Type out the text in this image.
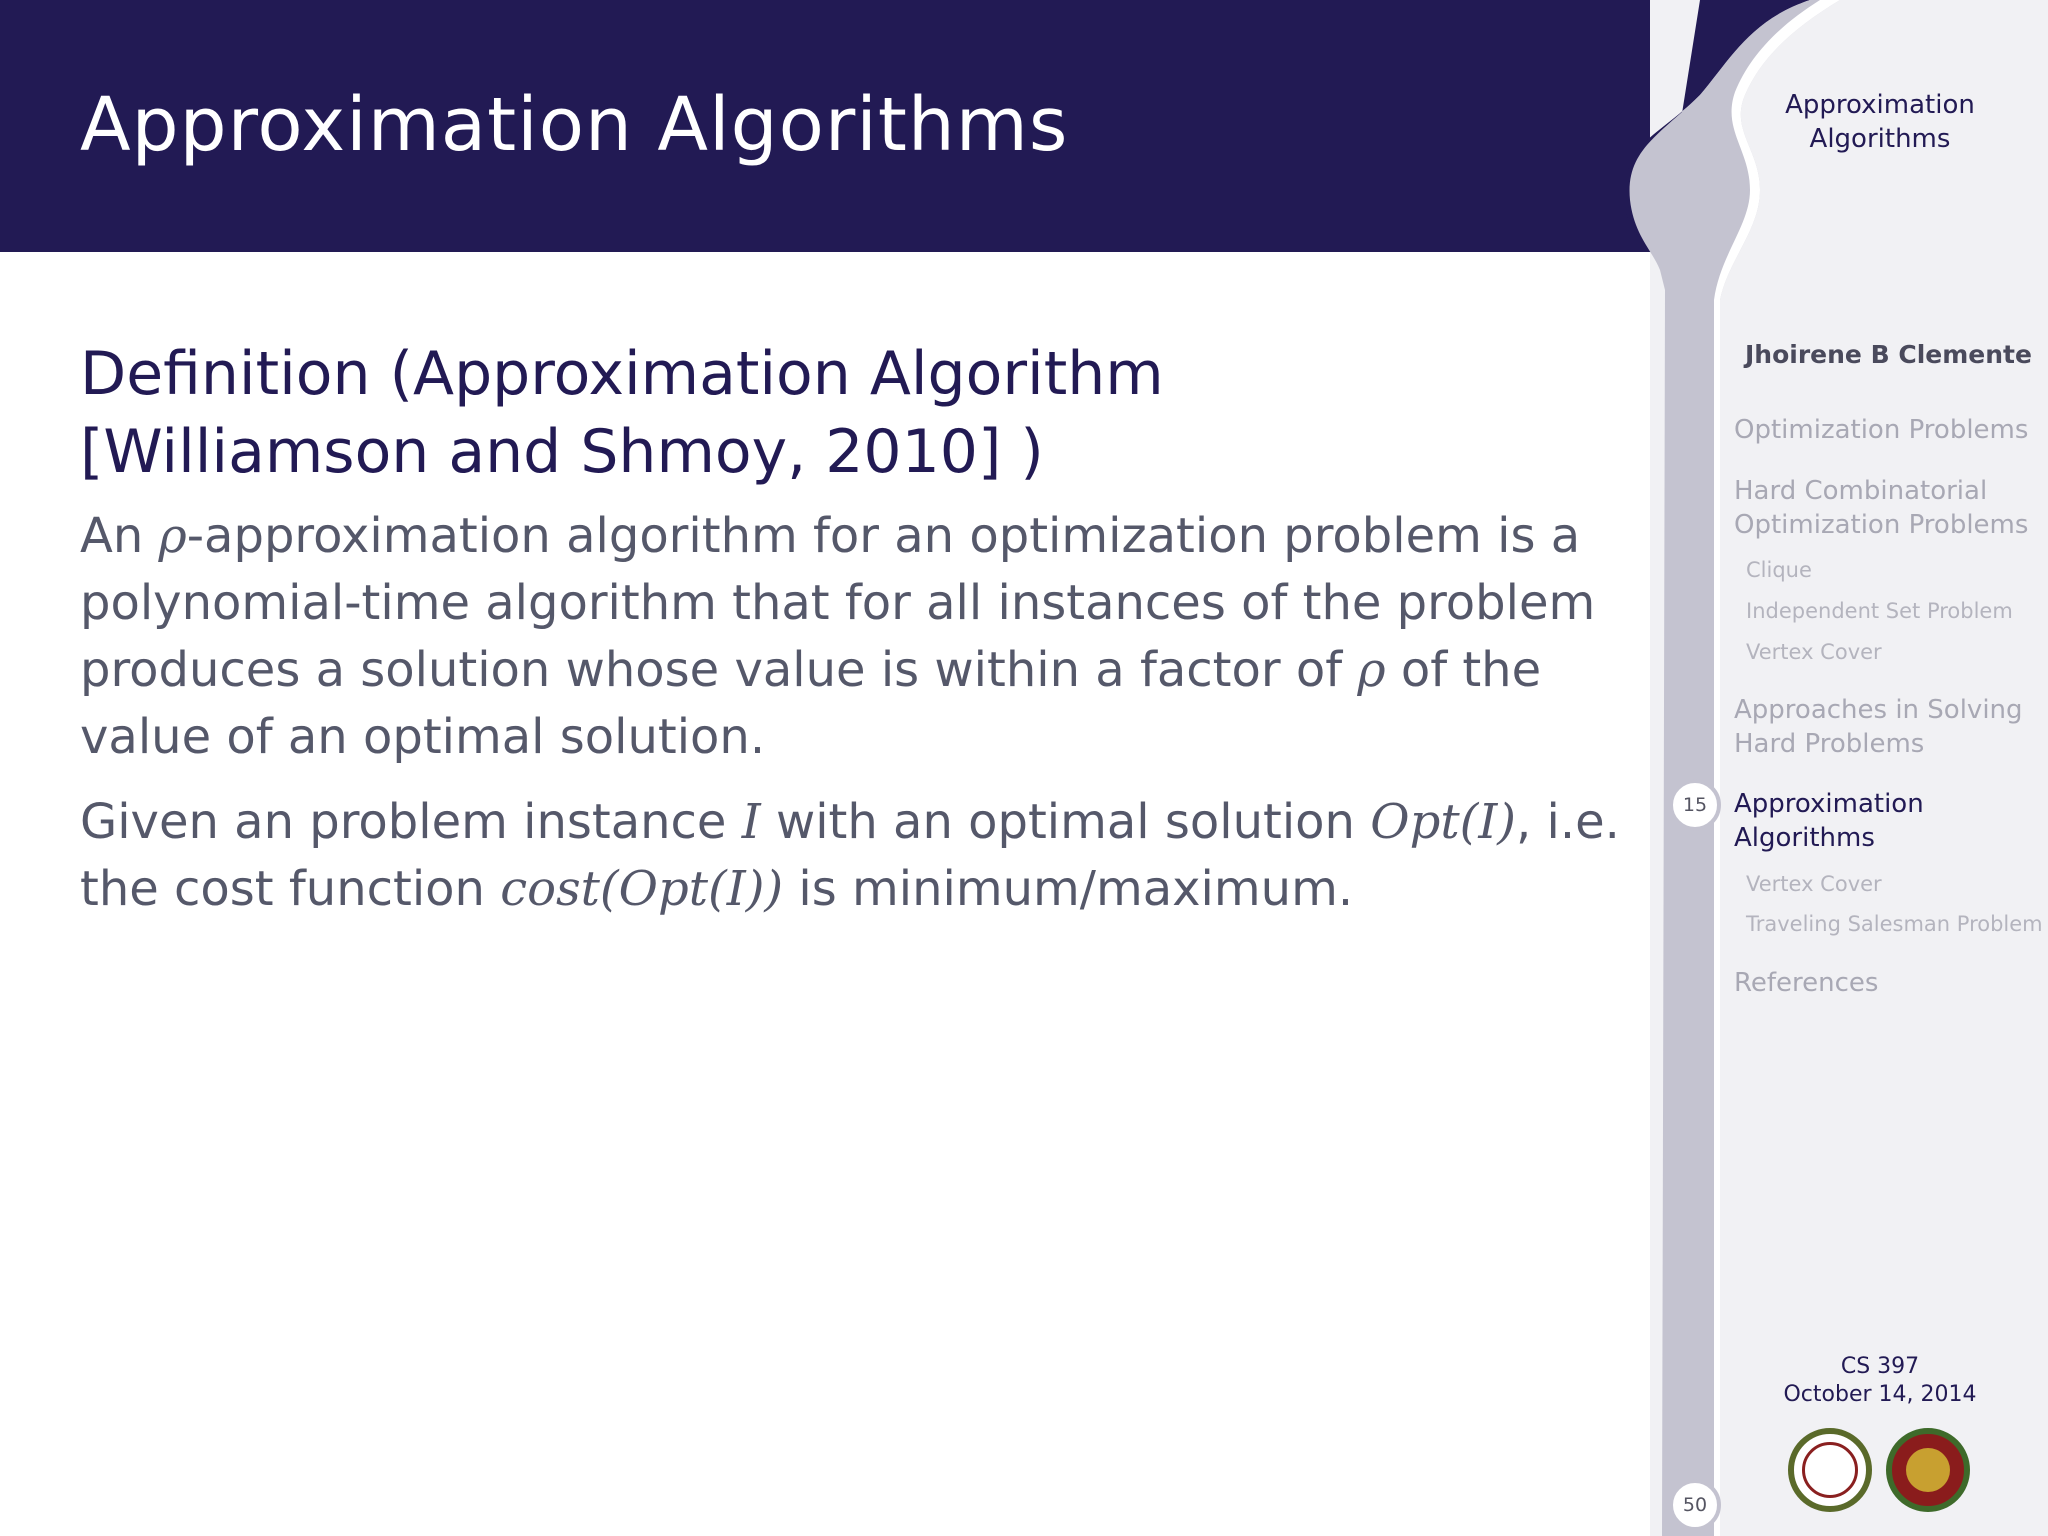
Approximation Algorithms	Approximation Algorithms
Jhoirene B Clemente
Optimization Problems
Hard Combinatorial Optimization Problems
Clique
Independent Set Problem
Vertex Cover
Approaches in Solving Hard Problems
Approximation Algorithms
Vertex Cover
Traveling Salesman Problem
References
15
50
CS 397
October 14, 2014

Definition (Approximation Algorithm
[Williamson and Shmoy, 2010] )

An ρ-approximation algorithm for an optimization problem is a polynomial-time algorithm that for all instances of the problem produces a solution whose value is within a factor of ρ of the value of an optimal solution.

Given an problem instance I with an optimal solution Opt(I), i.e. the cost function cost(Opt(I)) is minimum/maximum.
